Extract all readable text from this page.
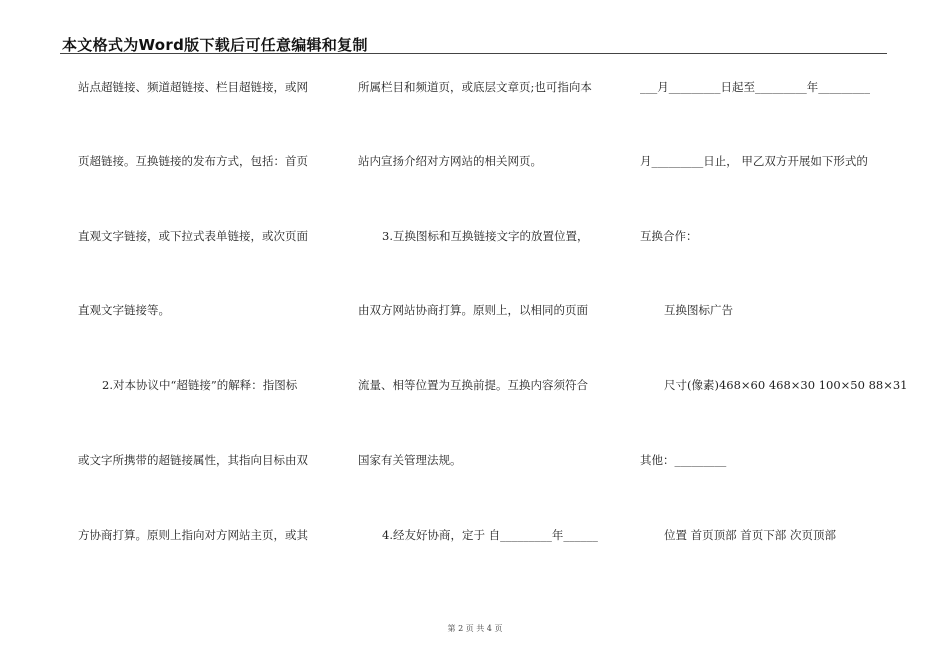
本文格式为Word版下载后可任意编辑和复制
站点超链接、频道超链接、栏目超链接，或网
页超链接。互换链接的发布方式，包括：首页
直观文字链接，或下拉式表单链接，或次页面
直观文字链接等。
2.对本协议中“超链接”的解释：指图标
或文字所携带的超链接属性，其指向目标由双
方协商打算。原则上指向对方网站主页，或其
所属栏目和频道页，或底层文章页;也可指向本
站内宣扬介绍对方网站的相关网页。
3.互换图标和互换链接文字的放置位置，
由双方网站协商打算。原则上，以相同的页面
流量、相等位置为互换前提。互换内容须符合
国家有关管理法规。
4.经友好协商，定于 自_________年______
___月_________日起至_________年_________
月_________日止， 甲乙双方开展如下形式的
互换合作：
互换图标广告
尺寸(像素)468×60 468×30 100×50 88×31
其他：_________
位置 首页顶部 首页下部 次页顶部
第 2 页 共 4 页
